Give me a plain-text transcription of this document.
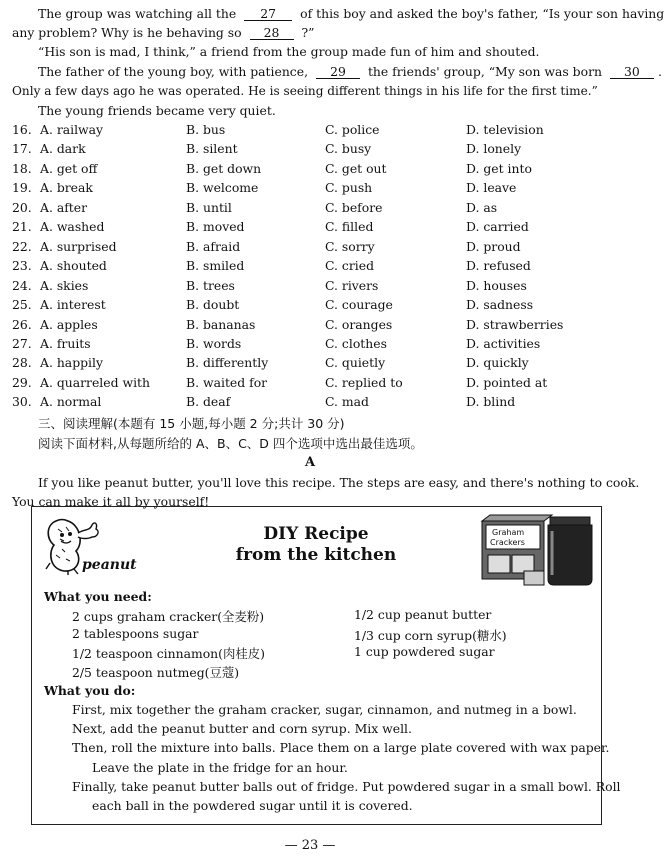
The group was watching all the 27 of this boy and asked the boy's father, “Is your son having
any problem? Why is he behaving so 28 ?”
“His son is mad, I think,” a friend from the group made fun of him and shouted.
The father of the young boy, with patience, 29 the friends' group, “My son was born 30 .
Only a few days ago he was operated. He is seeing different things in his life for the first time.”
The young friends became very quiet.
16. A. railway	B. bus	C. police	D. television
17. A. dark	B. silent	C. busy	D. lonely
18. A. get off	B. get down	C. get out	D. get into
19. A. break	B. welcome	C. push	D. leave
20. A. after	B. until	C. before	D. as
21. A. washed	B. moved	C. filled	D. carried
22. A. surprised	B. afraid	C. sorry	D. proud
23. A. shouted	B. smiled	C. cried	D. refused
24. A. skies	B. trees	C. rivers	D. houses
25. A. interest	B. doubt	C. courage	D. sadness
26. A. apples	B. bananas	C. oranges	D. strawberries
27. A. fruits	B. words	C. clothes	D. activities
28. A. happily	B. differently	C. quietly	D. quickly
29. A. quarreled with	B. waited for	C. replied to	D. pointed at
30. A. normal	B. deaf	C. mad	D. blind
三、阅读理解(本题有 15 小题,每小题 2 分;共计 30 分)
阅读下面材料,从每题所给的 A、B、C、D 四个选项中选出最佳选项。
A
If you like peanut butter, you'll love this recipe. The steps are easy, and there's nothing to cook.
You can make it all by yourself!
peanut
DIY Recipe
from the kitchen
Graham
Crackers
What you need:
What you do:
2 cups graham cracker(全麦粉)
2 tablespoons sugar
1/2 teaspoon cinnamon(肉桂皮)
2/5 teaspoon nutmeg(豆蔻)
1/2 cup peanut butter
1/3 cup corn syrup(糖水)
1 cup powdered sugar
First, mix together the graham cracker, sugar, cinnamon, and nutmeg in a bowl.
Next, add the peanut butter and corn syrup. Mix well.
Then, roll the mixture into balls. Place them on a large plate covered with wax paper.
Leave the plate in the fridge for an hour.
Finally, take peanut butter balls out of fridge. Put powdered sugar in a small bowl. Roll
each ball in the powdered sugar until it is covered.
— 23 —
